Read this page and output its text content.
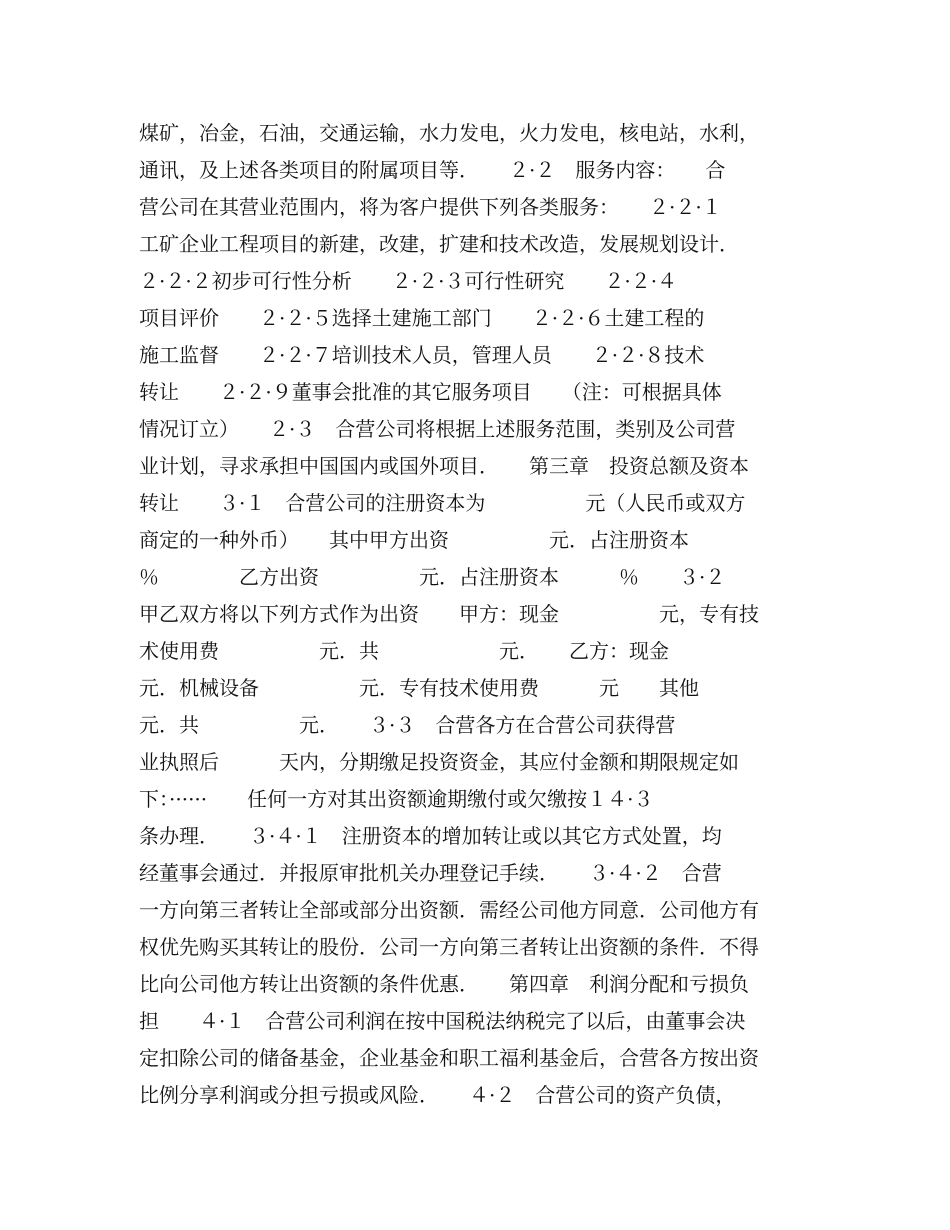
煤矿，冶金，石油，交通运输，水力发电，火力发电，核电站，水利，
通讯，及上述各类项目的附属项目等．　　２·２　服务内容：　　合
营公司在其营业范围内，将为客户提供下列各类服务：　　２·２·１
工矿企业工程项目的新建，改建，扩建和技术改造，发展规划设计．
２·２·２初步可行性分析　　２·２·３可行性研究　　２·２·４
项目评价　　２·２·５选择土建施工部门　　２·２·６土建工程的
施工监督　　２·２·７培训技术人员，管理人员　　２·２·８技术
转让　　２·２·９董事会批准的其它服务项目　　（注：可根据具体
情况订立）　　２·３　合营公司将根据上述服务范围，类别及公司营
业计划，寻求承担中国国内或国外项目．　　第三章　投资总额及资本
转让　　３·１　合营公司的注册资本为　　　　　元（人民币或双方
商定的一种外币）　　其中甲方出资　　　　　元．占注册资本
％　　　　乙方出资　　　　　元．占注册资本　　　％　　３·２
甲乙双方将以下列方式作为出资　　甲方：现金　　　　　元，专有技
术使用费　　　　　元．共　　　　　　元．　　乙方：现金
元．机械设备　　　　　元．专有技术使用费　　　元　　其他
元．共　　　　　元．　　３·３　合营各方在合营公司获得营
业执照后　　　天内，分期缴足投资资金，其应付金额和期限规定如
下：······　　任何一方对其出资额逾期缴付或欠缴按１４·３
条办理．　　３·４·１　注册资本的增加转让或以其它方式处置，均
经董事会通过．并报原审批机关办理登记手续．　　３·４·２　合营
一方向第三者转让全部或部分出资额．需经公司他方同意．公司他方有
权优先购买其转让的股份．公司一方向第三者转让出资额的条件．不得
比向公司他方转让出资额的条件优惠．　　第四章　利润分配和亏损负
担　　４·１　合营公司利润在按中国税法纳税完了以后，由董事会决
定扣除公司的储备基金，企业基金和职工福利基金后，合营各方按出资
比例分享利润或分担亏损或风险．　　４·２　合营公司的资产负债，
